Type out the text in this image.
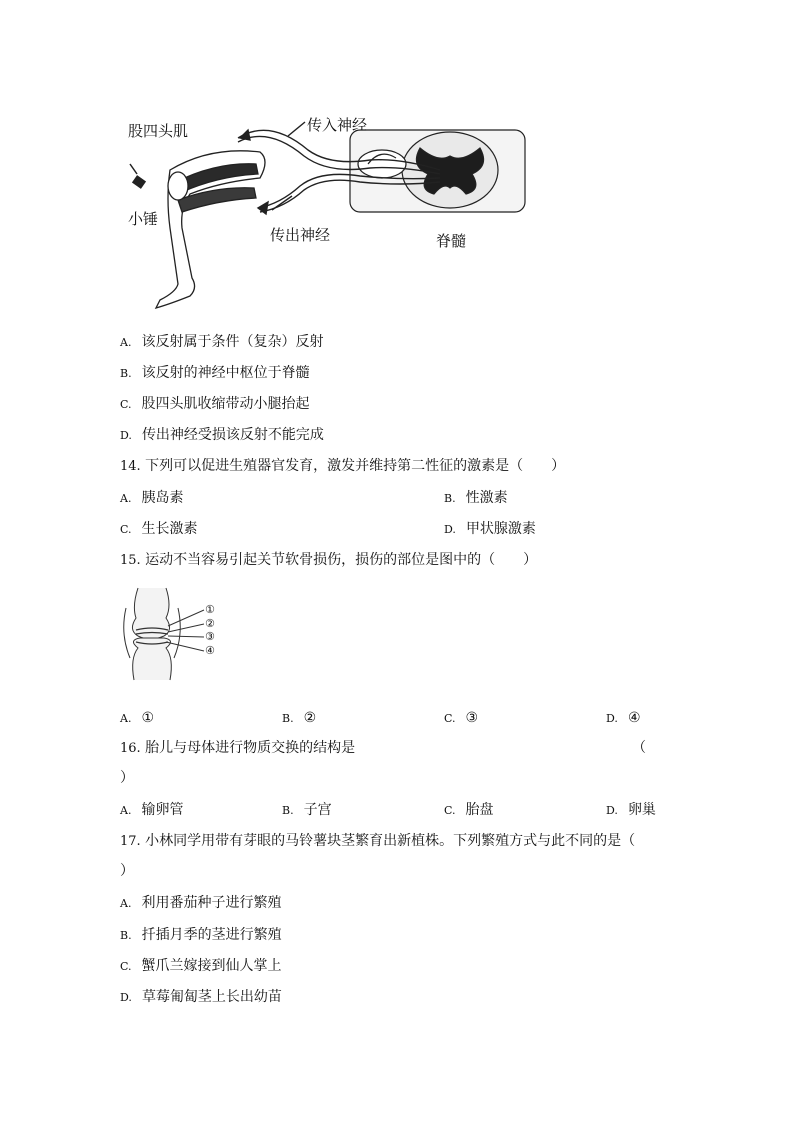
股四头肌	传入神经
小锤
传出神经	脊髓
A. 该反射属于条件（复杂）反射
B. 该反射的神经中枢位于脊髓
C. 股四头肌收缩带动小腿抬起
D. 传出神经受损该反射不能完成
14. 下列可以促进生殖器官发育，激发并维持第二性征的激素是（　　）
A. 胰岛素	B. 性激素
C. 生长激素	D. 甲状腺激素
15. 运动不当容易引起关节软骨损伤，损伤的部位是图中的（　　）
①
②
③
④
A. ①	B. ②	C. ③	D. ④
16. 胎儿与母体进行物质交换的结构是	（
）
A. 输卵管	B. 子宫	C. 胎盘	D. 卵巢
17. 小林同学用带有芽眼的马铃薯块茎繁育出新植株。下列繁殖方式与此不同的是（
）
A. 利用番茄种子进行繁殖
B. 扦插月季的茎进行繁殖
C. 蟹爪兰嫁接到仙人掌上
D. 草莓匍匐茎上长出幼苗
